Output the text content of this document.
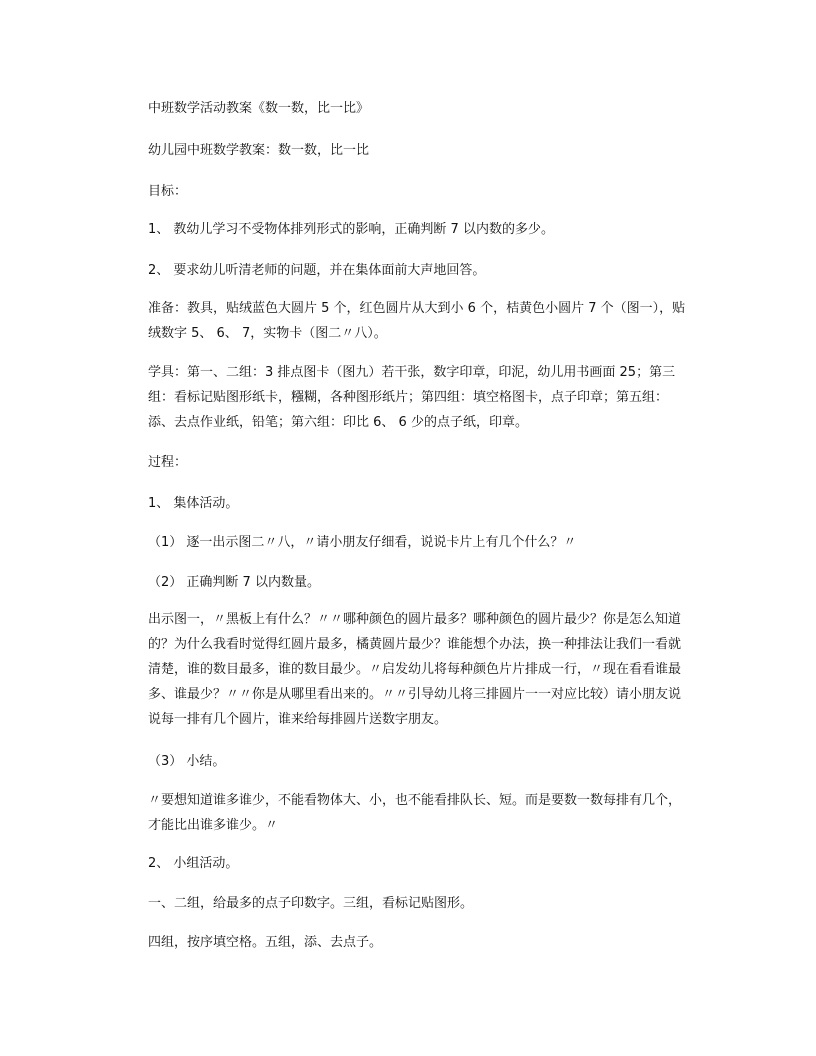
中班数学活动教案《数一数，比一比》

幼儿园中班数学教案：数一数，比一比

目标：

1、 教幼儿学习不受物体排列形式的影响，正确判断 7 以内数的多少。

2、 要求幼儿听清老师的问题，并在集体面前大声地回答。

准备：教具，贴绒蓝色大圆片 5 个，红色圆片从大到小 6 个，桔黄色小圆片 7 个（图一），贴绒数字 5、 6、 7，实物卡（图二〃八）。

学具：第一、二组：3 排点图卡（图九）若干张，数字印章，印泥，幼儿用书画面 25；第三组：看标记贴图形纸卡，糨糊，各种图形纸片；第四组：填空格图卡，点子印章；第五组：添、去点作业纸，铅笔；第六组：印比 6、 6 少的点子纸，印章。

过程：

1、 集体活动。

（1） 逐一出示图二〃八，〃请小朋友仔细看，说说卡片上有几个什么？〃

（2） 正确判断 7 以内数量。

出示图一，〃黑板上有什么？〃〃哪种颜色的圆片最多？哪种颜色的圆片最少？你是怎么知道的？为什么我看时觉得红圆片最多，橘黄圆片最少？谁能想个办法，换一种排法让我们一看就清楚，谁的数目最多，谁的数目最少。〃启发幼儿将每种颜色片片排成一行，〃现在看看谁最多、谁最少？〃〃你是从哪里看出来的。〃〃引导幼儿将三排圆片一一对应比较）请小朋友说说每一排有几个圆片，谁来给每排圆片送数字朋友。

（3） 小结。

〃要想知道谁多谁少，不能看物体大、小，也不能看排队长、短。而是要数一数每排有几个，才能比出谁多谁少。〃

2、 小组活动。

一、二组，给最多的点子印数字。三组，看标记贴图形。

四组，按序填空格。五组，添、去点子。
